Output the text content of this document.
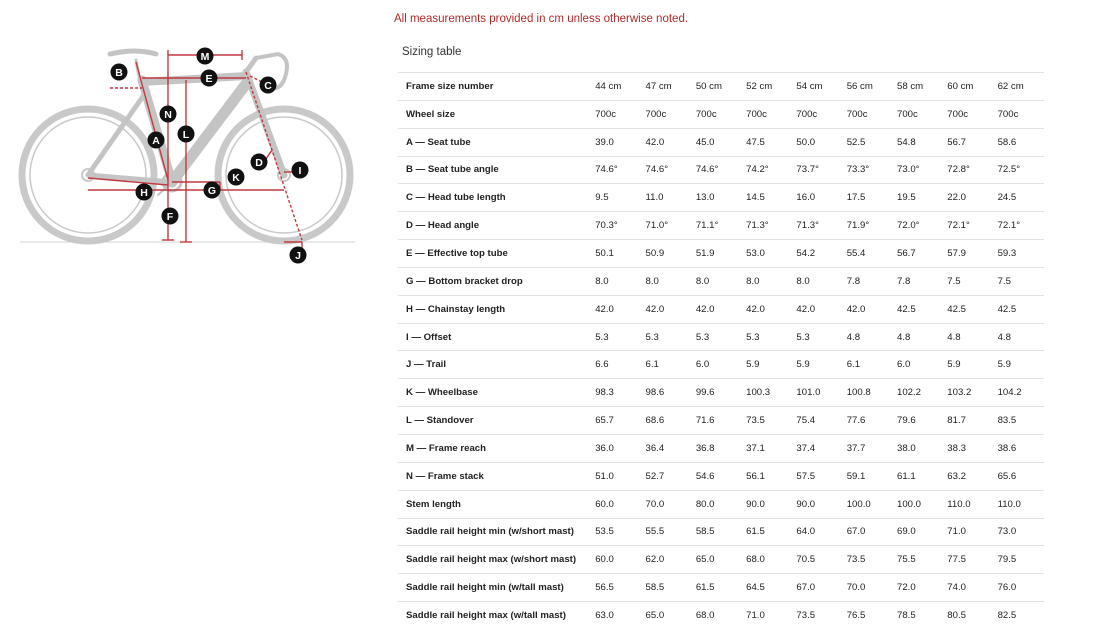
All measurements provided in cm unless otherwise noted.
Sizing table
M
B	E
C
N
L
A
D
I
K
H	G
F
J
Frame size number	44 cm	47 cm	50 cm	52 cm	54 cm	56 cm	58 cm	60 cm	62 cm
Wheel size	700c	700c	700c	700c	700c	700c	700c	700c	700c
A — Seat tube	39.0	42.0	45.0	47.5	50.0	52.5	54.8	56.7	58.6
B — Seat tube angle	74.6°	74.6°	74.6°	74.2°	73.7°	73.3°	73.0°	72.8°	72.5°
C — Head tube length	9.5	11.0	13.0	14.5	16.0	17.5	19.5	22.0	24.5
D — Head angle	70.3°	71.0°	71.1°	71.3°	71.3°	71.9°	72.0°	72.1°	72.1°
E — Effective top tube	50.1	50.9	51.9	53.0	54.2	55.4	56.7	57.9	59.3
G — Bottom bracket drop	8.0	8.0	8.0	8.0	8.0	7.8	7.8	7.5	7.5
H — Chainstay length	42.0	42.0	42.0	42.0	42.0	42.0	42.5	42.5	42.5
I — Offset	5.3	5.3	5.3	5.3	5.3	4.8	4.8	4.8	4.8
J — Trail	6.6	6.1	6.0	5.9	5.9	6.1	6.0	5.9	5.9
K — Wheelbase	98.3	98.6	99.6	100.3	101.0	100.8	102.2	103.2	104.2
L — Standover	65.7	68.6	71.6	73.5	75.4	77.6	79.6	81.7	83.5
M — Frame reach	36.0	36.4	36.8	37.1	37.4	37.7	38.0	38.3	38.6
N — Frame stack	51.0	52.7	54.6	56.1	57.5	59.1	61.1	63.2	65.6
Stem length	60.0	70.0	80.0	90.0	90.0	100.0	100.0	110.0	110.0
Saddle rail height min (w/short mast)	53.5	55.5	58.5	61.5	64.0	67.0	69.0	71.0	73.0
Saddle rail height max (w/short mast)	60.0	62.0	65.0	68.0	70.5	73.5	75.5	77.5	79.5
Saddle rail height min (w/tall mast)	56.5	58.5	61.5	64.5	67.0	70.0	72.0	74.0	76.0
Saddle rail height max (w/tall mast)	63.0	65.0	68.0	71.0	73.5	76.5	78.5	80.5	82.5
